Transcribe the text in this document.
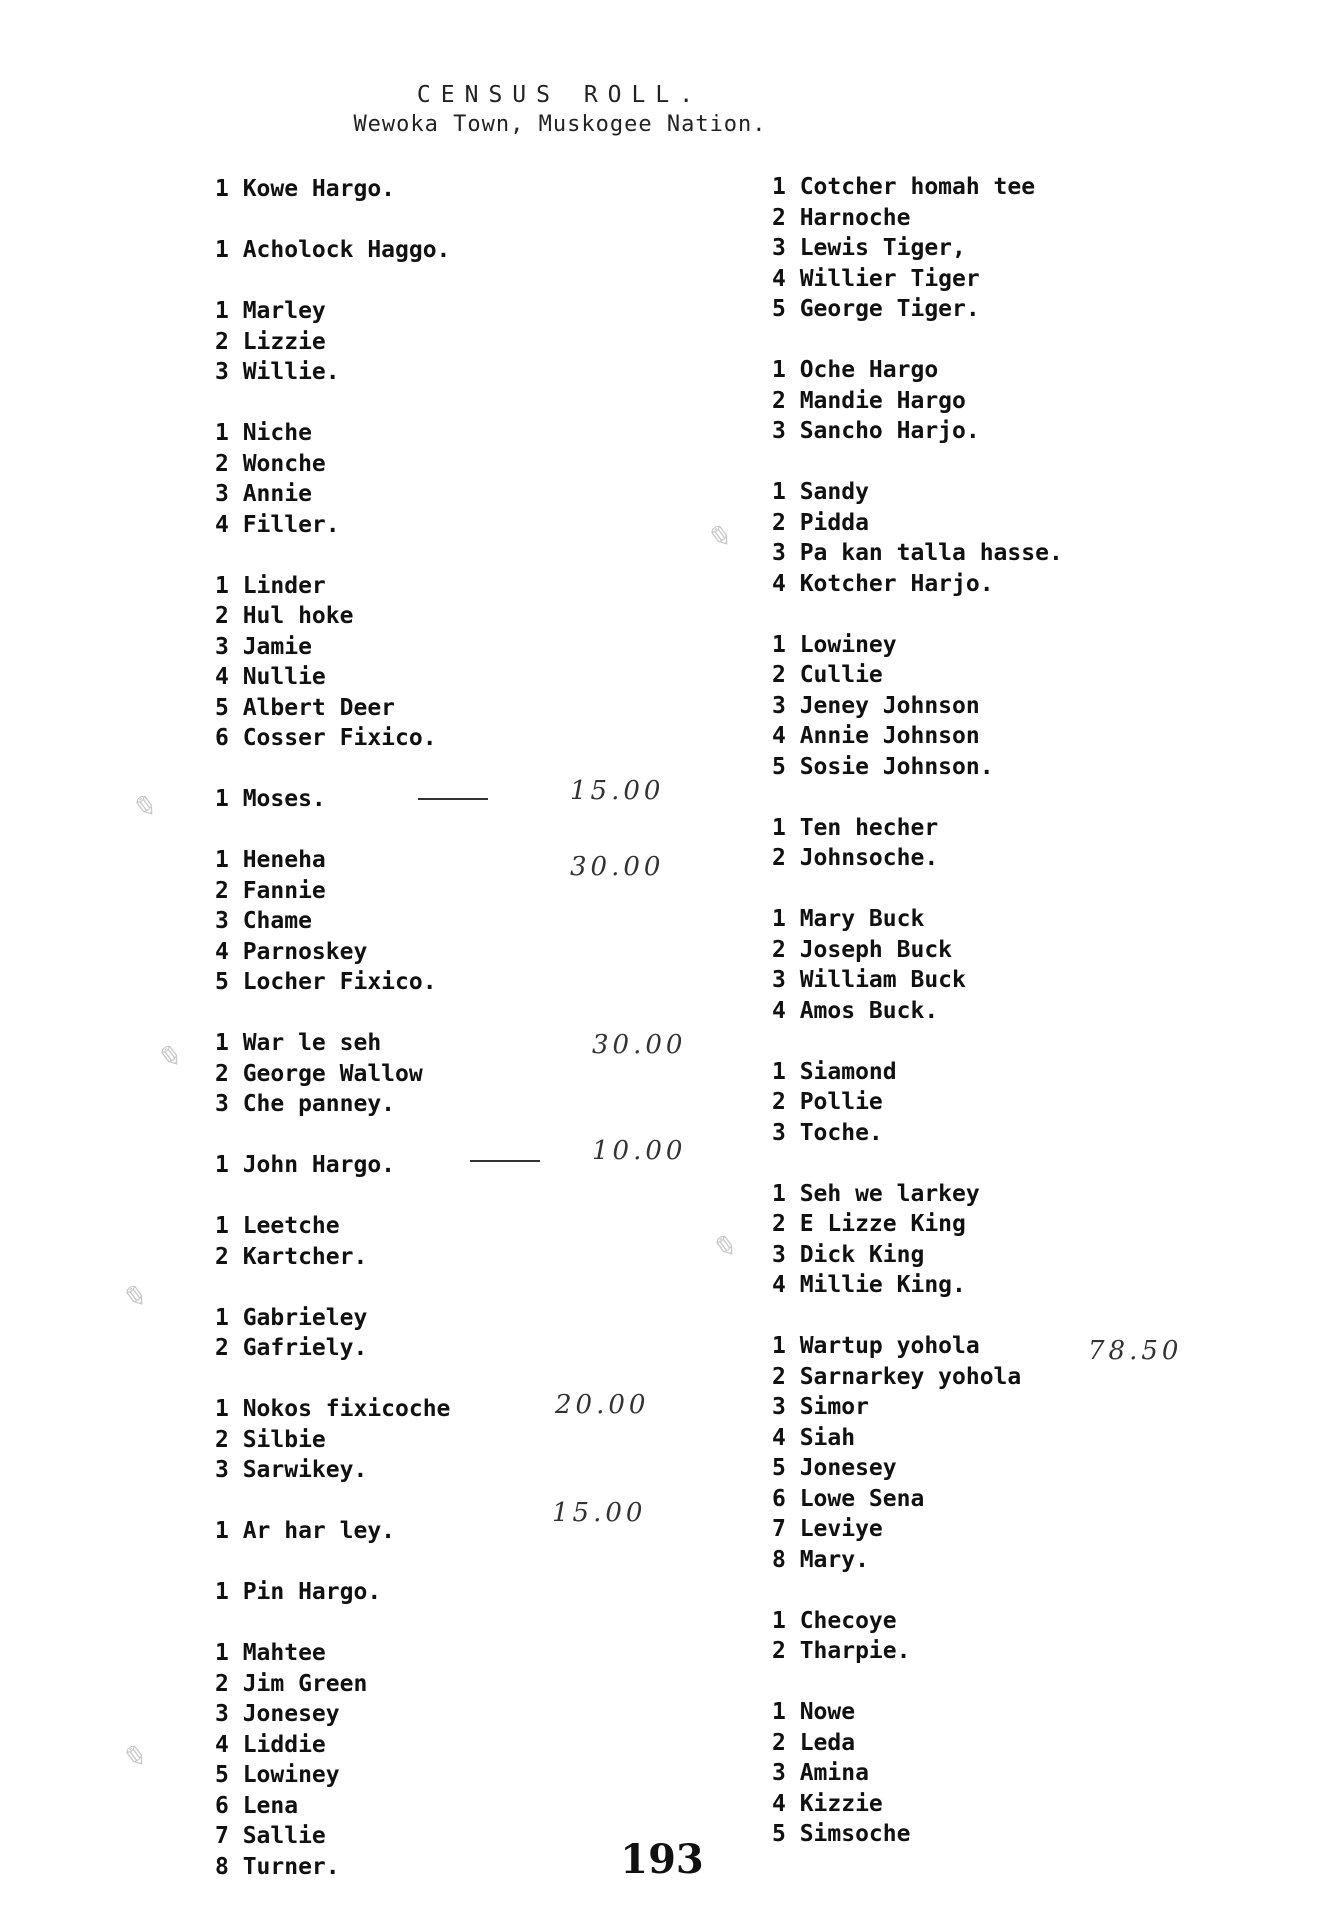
CENSUS ROLL.
Wewoka Town, Muskogee Nation.
1 Kowe Hargo.
1 Acholock Haggo.
1 Marley
2 Lizzie
3 Willie.
1 Niche
2 Wonche
3 Annie
4 Filler.
1 Linder
2 Hul hoke
3 Jamie
4 Nullie
5 Albert Deer
6 Cosser Fixico.
1 Moses.
1 Heneha
2 Fannie
3 Chame
4 Parnoskey
5 Locher Fixico.
1 War le seh
2 George Wallow
3 Che panney.
1 John Hargo.
1 Leetche
2 Kartcher.
1 Gabrieley
2 Gafriely.
1 Nokos fixicoche
2 Silbie
3 Sarwikey.
1 Ar har ley.
1 Pin Hargo.
1 Mahtee
2 Jim Green
3 Jonesey
4 Liddie
5 Lowiney
6 Lena
7 Sallie
8 Turner.
1 Cotcher homah tee
2 Harnoche
3 Lewis Tiger,
4 Willier Tiger
5 George Tiger.
1 Oche Hargo
2 Mandie Hargo
3 Sancho Harjo.
1 Sandy
2 Pidda
3 Pa kan talla hasse.
4 Kotcher Harjo.
1 Lowiney
2 Cullie
3 Jeney Johnson
4 Annie Johnson
5 Sosie Johnson.
1 Ten hecher
2 Johnsoche.
1 Mary Buck
2 Joseph Buck
3 William Buck
4 Amos Buck.
1 Siamond
2 Pollie
3 Toche.
1 Seh we larkey
2 E Lizze King
3 Dick King
4 Millie King.
1 Wartup yohola
2 Sarnarkey yohola
3 Simor
4 Siah
5 Jonesey
6 Lowe Sena
7 Leviye
8 Mary.
1 Checoye
2 Tharpie.
1 Nowe
2 Leda
3 Amina
4 Kizzie
5 Simsoche
15.00
30.00
30.00
10.00
20.00
15.00
78.50
✎
✎
✎
✎
✎
✎
193
